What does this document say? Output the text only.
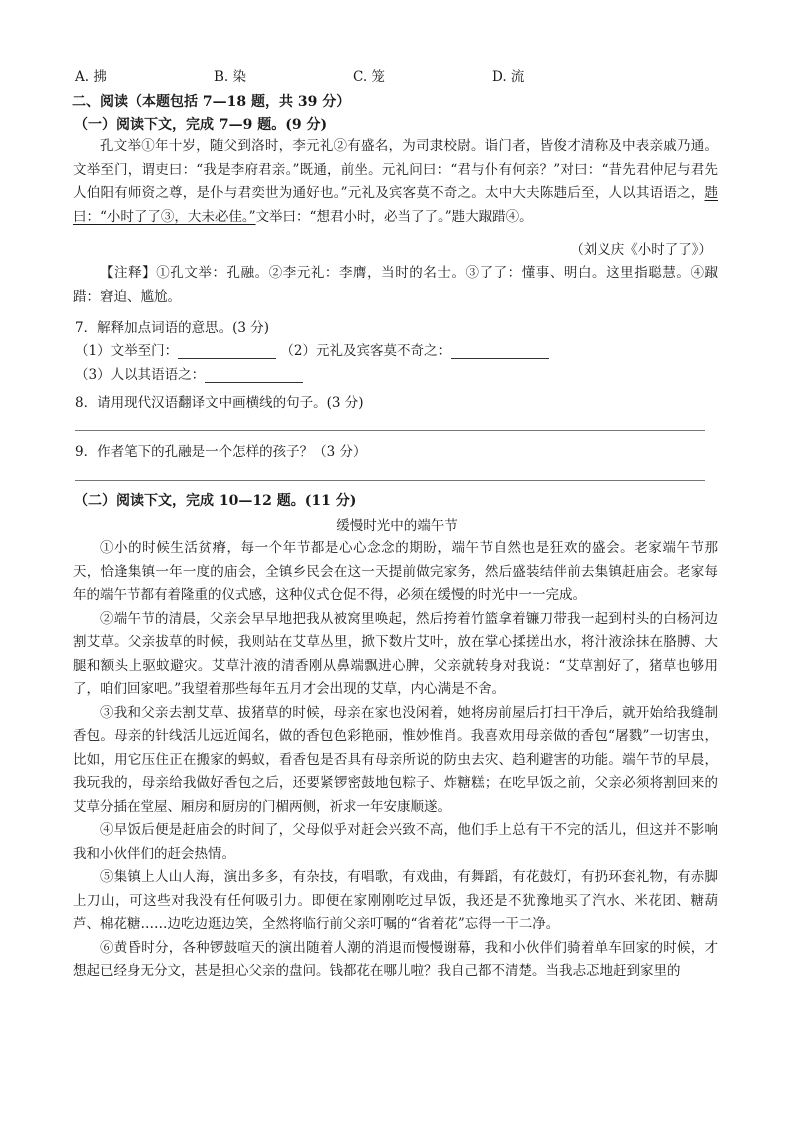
A. 拂	B. 染	C. 笼	D. 流
二、阅读（本题包括 7—18 题，共 39 分）
（一）阅读下文，完成 7—9 题。(9 分)
孔文举①年十岁，随父到洛时，李元礼②有盛名，为司隶校尉。诣门者，皆俊才清称及中表亲戚乃通。文举至门，谓吏曰：“我是李府君亲。”既通，前坐。元礼问曰：“君与仆有何亲？”对曰：“昔先君仲尼与君先人伯阳有师资之尊，是仆与君奕世为通好也。”元礼及宾客莫不奇之。太中大夫陈韪后至，人以其语语之，韪曰：“小时了了③，大未必佳。”文举曰：“想君小时，必当了了。”韪大踧踖④。
（刘义庆《小时了了》）
【注释】①孔文举：孔融。②李元礼：李膺，当时的名士。③了了：懂事、明白。这里指聪慧。④踧踖：窘迫、尴尬。
7．解释加点词语的意思。(3 分)
（1）文举至门：	（2）元礼及宾客莫不奇之：
（3）人以其语语之：
8．请用现代汉语翻译文中画横线的句子。(3 分)
9．作者笔下的孔融是一个怎样的孩子？（3 分）
（二）阅读下文，完成 10—12 题。(11 分)
缓慢时光中的端午节
①小的时候生活贫瘠，每一个年节都是心心念念的期盼，端午节自然也是狂欢的盛会。老家端午节那天，恰逢集镇一年一度的庙会，全镇乡民会在这一天提前做完家务，然后盛装结伴前去集镇赶庙会。老家每年的端午节都有着隆重的仪式感，这种仪式仓促不得，必须在缓慢的时光中一一完成。
②端午节的清晨，父亲会早早地把我从被窝里唤起，然后挎着竹篮拿着镰刀带我一起到村头的白杨河边割艾草。父亲拔草的时候，我则站在艾草丛里，掀下数片艾叶，放在掌心揉搓出水，将汁液涂抹在胳膊、大腿和额头上驱蚊避灾。艾草汁液的清香刚从鼻端飘进心脾，父亲就转身对我说：“艾草割好了，猪草也够用了，咱们回家吧。”我望着那些每年五月才会出现的艾草，内心满是不舍。
③我和父亲去割艾草、拔猪草的时候，母亲在家也没闲着，她将房前屋后打扫干净后，就开始给我缝制香包。母亲的针线活儿远近闻名，做的香包色彩艳丽，惟妙惟肖。我喜欢用母亲做的香包“屠戮”一切害虫，比如，用它压住正在搬家的蚂蚁，看香包是否具有母亲所说的防虫去灾、趋利避害的功能。端午节的早晨，我玩我的，母亲给我做好香包之后，还要紧锣密鼓地包粽子、炸糖糕；在吃早饭之前，父亲必须将割回来的艾草分插在堂屋、厢房和厨房的门楣两侧，祈求一年安康顺遂。
④早饭后便是赶庙会的时间了，父母似乎对赶会兴致不高，他们手上总有干不完的活儿，但这并不影响我和小伙伴们的赶会热情。
⑤集镇上人山人海，演出多多，有杂技，有唱歌，有戏曲，有舞蹈，有花鼓灯，有扔环套礼物，有赤脚上刀山，可这些对我没有任何吸引力。即便在家刚刚吃过早饭，我还是不犹豫地买了汽水、米花团、糖葫芦、棉花糖……边吃边逛边笑，全然将临行前父亲叮嘱的“省着花”忘得一干二净。
⑥黄昏时分，各种锣鼓喧天的演出随着人潮的消退而慢慢谢幕，我和小伙伴们骑着单车回家的时候，才想起已经身无分文，甚是担心父亲的盘问。钱都花在哪儿啦？我自己都不清楚。当我忐忑地赶到家里的
